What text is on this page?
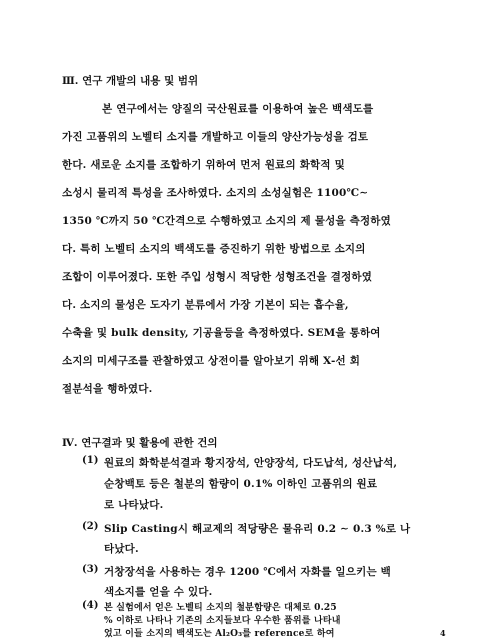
Ⅲ. 연구 개발의 내용 및 범위
본 연구에서는 양질의 국산원료를 이용하여 높은 백색도를
가진 고품위의 노벨티 소지를 개발하고 이들의 양산가능성을 검토
한다. 새로운 소지를 조합하기 위하여 먼저 원료의 화학적 및
소성시 물리적 특성을 조사하였다. 소지의 소성실험은 1100℃∼
1350 ℃까지 50 ℃간격으로 수행하였고 소지의 제 물성을 측정하였
다. 특히 노벨티 소지의 백색도를 증진하기 위한 방법으로 소지의
조합이 이루어졌다. 또한 주입 성형시 적당한 성형조건을 결정하였
다. 소지의 물성은 도자기 분류에서 가장 기본이 되는 흡수율,
수축율 및 bulk density, 기공율등을 측정하였다. SEM을 통하여
소지의 미세구조를 관찰하였고 상전이를 알아보기 위해 X-선 회
절분석을 행하였다.
Ⅳ. 연구결과 및 활용에 관한 건의
(1) 원료의 화학분석결과 황지장석, 안양장석, 다도납석, 성산납석,
순창백토 등은 철분의 함량이 0.1% 이하인 고품위의 원료
로 나타났다.
(2) Slip Casting시 해교제의 적당량은 물유리 0.2 ∼ 0.3 %로 나
타났다.
(3) 거창장석을 사용하는 경우 1200 ℃에서 자화를 일으키는 백
색소지를 얻을 수 있다.
(4) 본 실험에서 얻은 노벨티 소지의 철분함량은 대체로 0.25
% 이하로 나타나 기존의 소지들보다 우수한 품위를 나타내
었고 이들 소지의 백색도는 Al₂O₃를 reference로 하여	4
